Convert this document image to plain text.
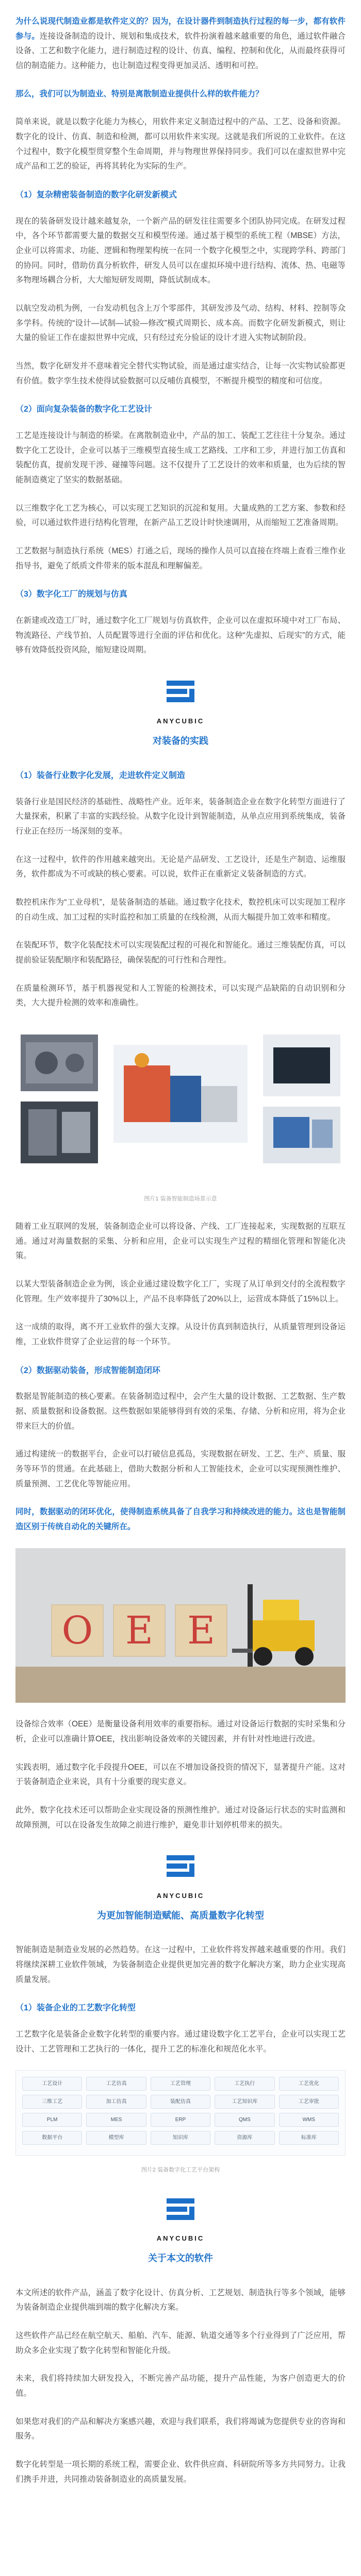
为什么说现代制造业都是软件定义的？因为，在设计器件到制造执行过程的每一步，都有软件参与。连接设备制造的设计、规划和集成技术，软件扮演着越来越重要的角色，通过软件融合设备、工艺和数字化能力，进行制造过程的设计、仿真、编程、控制和优化，从而最终获得可信的制造能力。这种能力，也让制造过程变得更加灵活、透明和可控。

那么，我们可以为制造业、特别是离散制造业提供什么样的软件能力？

简单来说，就是以数字化能力为核心，用软件来定义制造过程中的产品、工艺、设备和资源。数字化的设计、仿真、制造和检测，都可以用软件来实现。这就是我们所说的工业软件。在这个过程中，数字化模型贯穿整个生命周期，并与物理世界保持同步。我们可以在虚拟世界中完成产品和工艺的验证，再将其转化为实际的生产。

（1）复杂精密装备制造的数字化研发新模式

现在的装备研发设计越来越复杂，一个新产品的研发往往需要多个团队协同完成。在研发过程中，各个环节都需要大量的数据交互和模型传递。通过基于模型的系统工程（MBSE）方法，企业可以将需求、功能、逻辑和物理架构统一在同一个数字化模型之中，实现跨学科、跨部门的协同。同时，借助仿真分析软件，研发人员可以在虚拟环境中进行结构、流体、热、电磁等多物理场耦合分析，大大缩短研发周期，降低试制成本。

以航空发动机为例，一台发动机包含上万个零部件，其研发涉及气动、结构、材料、控制等众多学科。传统的“设计—试制—试验—修改”模式周期长、成本高。而数字化研发新模式，则让大量的验证工作在虚拟世界中完成，只有经过充分验证的设计才进入实物试制阶段。

当然，数字化研发并不意味着完全替代实物试验，而是通过虚实结合，让每一次实物试验都更有价值。数字孪生技术使得试验数据可以反哺仿真模型，不断提升模型的精度和可信度。

（2）面向复杂装备的数字化工艺设计

工艺是连接设计与制造的桥梁。在离散制造业中，产品的加工、装配工艺往往十分复杂。通过数字化工艺设计，企业可以基于三维模型直接生成工艺路线、工序和工步，并进行加工仿真和装配仿真，提前发现干涉、碰撞等问题。这不仅提升了工艺设计的效率和质量，也为后续的智能制造奠定了坚实的数据基础。

以三维数字化工艺为核心，可以实现工艺知识的沉淀和复用。大量成熟的工艺方案、参数和经验，可以通过软件进行结构化管理，在新产品工艺设计时快速调用，从而缩短工艺准备周期。

工艺数据与制造执行系统（MES）打通之后，现场的操作人员可以直接在终端上查看三维作业指导书，避免了纸质文件带来的版本混乱和理解偏差。

（3）数字化工厂的规划与仿真

在新建或改造工厂时，通过数字化工厂规划与仿真软件，企业可以在虚拟环境中对工厂布局、物流路径、产线节拍、人员配置等进行全面的评估和优化。这种“先虚拟、后现实”的方式，能够有效降低投资风险，缩短建设周期。

ANYCUBIC
对装备的实践
（1）装备行业数字化发展，走进软件定义制造

装备行业是国民经济的基础性、战略性产业。近年来，装备制造企业在数字化转型方面进行了大量探索，积累了丰富的实践经验。从数字化设计到智能制造，从单点应用到系统集成，装备行业正在经历一场深刻的变革。

在这一过程中，软件的作用越来越突出。无论是产品研发、工艺设计，还是生产制造、运维服务，软件都成为不可或缺的核心要素。可以说，软件正在重新定义装备制造的方式。

数控机床作为“工业母机”，是装备制造的基础。通过数字化技术，数控机床可以实现加工程序的自动生成、加工过程的实时监控和加工质量的在线检测，从而大幅提升加工效率和精度。

在装配环节，数字化装配技术可以实现装配过程的可视化和智能化。通过三维装配仿真，可以提前验证装配顺序和装配路径，确保装配的可行性和合理性。

在质量检测环节，基于机器视觉和人工智能的检测技术，可以实现产品缺陷的自动识别和分类，大大提升检测的效率和准确性。

图片1 装备智能制造场景示意

随着工业互联网的发展，装备制造企业可以将设备、产线、工厂连接起来，实现数据的互联互通。通过对海量数据的采集、分析和应用，企业可以实现生产过程的精细化管理和智能化决策。

以某大型装备制造企业为例，该企业通过建设数字化工厂，实现了从订单到交付的全流程数字化管理。生产效率提升了30%以上，产品不良率降低了20%以上，运营成本降低了15%以上。

这一成绩的取得，离不开工业软件的强大支撑。从设计仿真到制造执行，从质量管理到设备运维，工业软件贯穿了企业运营的每一个环节。

（2）数据驱动装备，形成智能制造闭环

数据是智能制造的核心要素。在装备制造过程中，会产生大量的设计数据、工艺数据、生产数据、质量数据和设备数据。这些数据如果能够得到有效的采集、存储、分析和应用，将为企业带来巨大的价值。

通过构建统一的数据平台，企业可以打破信息孤岛，实现数据在研发、工艺、生产、质量、服务等环节的贯通。在此基础上，借助大数据分析和人工智能技术，企业可以实现预测性维护、质量预测、工艺优化等智能应用。

同时，数据驱动的闭环优化，使得制造系统具备了自我学习和持续改进的能力。这也是智能制造区别于传统自动化的关键所在。

O E E

设备综合效率（OEE）是衡量设备利用效率的重要指标。通过对设备运行数据的实时采集和分析，企业可以准确计算OEE，找出影响设备效率的关键因素，并有针对性地进行改进。

实践表明，通过数字化手段提升OEE，可以在不增加设备投资的情况下，显著提升产能。这对于装备制造企业来说，具有十分重要的现实意义。

此外，数字化技术还可以帮助企业实现设备的预测性维护。通过对设备运行状态的实时监测和故障预测，可以在设备发生故障之前进行维护，避免非计划停机带来的损失。

ANYCUBIC
为更加智能制造赋能、高质量数字化转型

智能制造是制造业发展的必然趋势。在这一过程中，工业软件将发挥越来越重要的作用。我们将继续深耕工业软件领域，为装备制造企业提供更加完善的数字化解决方案，助力企业实现高质量发展。

（1）装备企业的工艺数字化转型

工艺数字化是装备企业数字化转型的重要内容。通过建设数字化工艺平台，企业可以实现工艺设计、工艺管理和工艺执行的一体化，提升工艺的标准化和规范化水平。

工艺设计	工艺仿真	工艺管理	工艺执行	工艺优化
三维工艺	加工仿真	装配仿真	工艺知识库	工艺审批
PLM	MES	ERP	QMS	WMS
数据平台	模型库	知识库	资源库	标准库
图片2 装备数字化工艺平台架构
ANYCUBIC
关于本文的软件

本文所述的软件产品，涵盖了数字化设计、仿真分析、工艺规划、制造执行等多个领域，能够为装备制造企业提供端到端的数字化解决方案。

这些软件产品已经在航空航天、船舶、汽车、能源、轨道交通等多个行业得到了广泛应用，帮助众多企业实现了数字化转型和智能化升级。

未来，我们将持续加大研发投入，不断完善产品功能，提升产品性能，为客户创造更大的价值。

如果您对我们的产品和解决方案感兴趣，欢迎与我们联系，我们将竭诚为您提供专业的咨询和服务。

数字化转型是一项长期的系统工程，需要企业、软件供应商、科研院所等多方共同努力。让我们携手并进，共同推动装备制造业的高质量发展。
